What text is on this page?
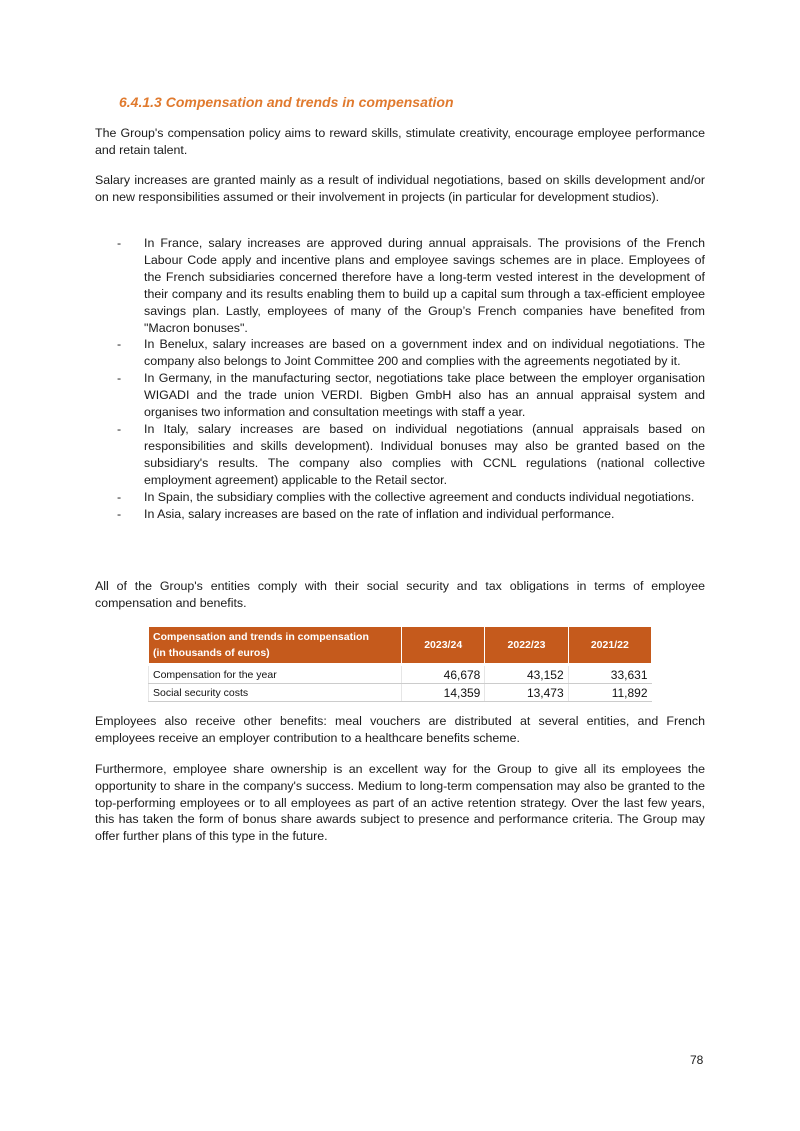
6.4.1.3 Compensation and trends in compensation

The Group's compensation policy aims to reward skills, stimulate creativity, encourage employee performance and retain talent.

Salary increases are granted mainly as a result of individual negotiations, based on skills development and/or on new responsibilities assumed or their involvement in projects (in particular for development studios).

- In France, salary increases are approved during annual appraisals. The provisions of the French Labour Code apply and incentive plans and employee savings schemes are in place. Employees of the French subsidiaries concerned therefore have a long-term vested interest in the development of their company and its results enabling them to build up a capital sum through a tax-efficient employee savings plan. Lastly, employees of many of the Group’s French companies have benefited from "Macron bonuses".
- In Benelux, salary increases are based on a government index and on individual negotiations. The company also belongs to Joint Committee 200 and complies with the agreements negotiated by it.
- In Germany, in the manufacturing sector, negotiations take place between the employer organisation WIGADI and the trade union VERDI. Bigben GmbH also has an annual appraisal system and organises two information and consultation meetings with staff a year.
- In Italy, salary increases are based on individual negotiations (annual appraisals based on responsibilities and skills development). Individual bonuses may also be granted based on the subsidiary's results. The company also complies with CCNL regulations (national collective employment agreement) applicable to the Retail sector.
- In Spain, the subsidiary complies with the collective agreement and conducts individual negotiations.
- In Asia, salary increases are based on the rate of inflation and individual performance.

All of the Group's entities comply with their social security and tax obligations in terms of employee compensation and benefits.

Compensation and trends in compensation
(in thousands of euros)	2023/24	2022/23	2021/22

Compensation for the year	46,678	43,152	33,631
Social security costs	14,359	13,473	11,892

Employees also receive other benefits: meal vouchers are distributed at several entities, and French employees receive an employer contribution to a healthcare benefits scheme.

Furthermore, employee share ownership is an excellent way for the Group to give all its employees the opportunity to share in the company's success. Medium to long-term compensation may also be granted to the top-performing employees or to all employees as part of an active retention strategy. Over the last few years, this has taken the form of bonus share awards subject to presence and performance criteria. The Group may offer further plans of this type in the future.

78
